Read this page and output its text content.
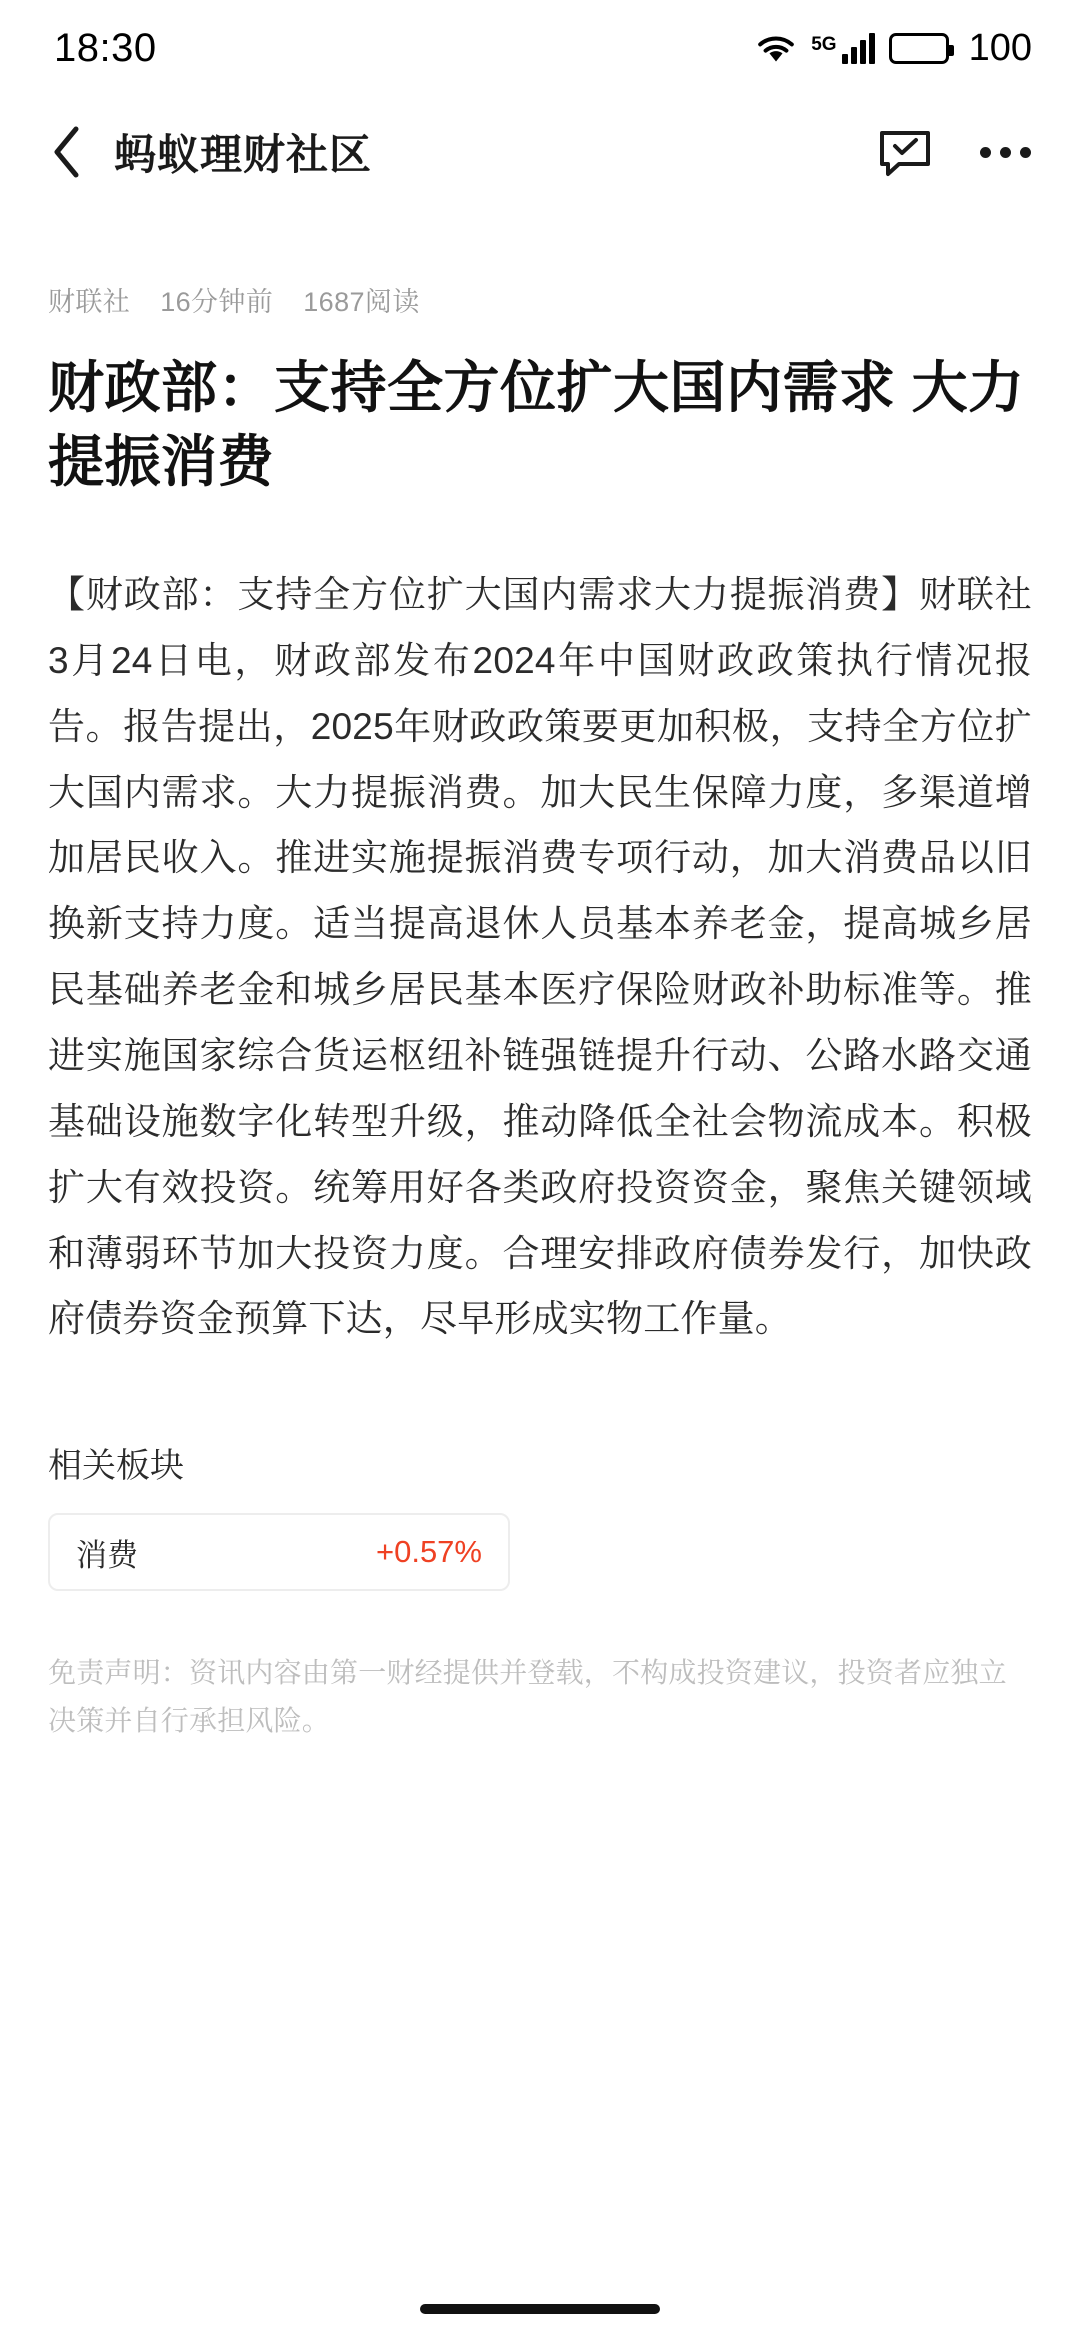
18:30	5G	100
蚂蚁理财社区
财联社 16分钟前 1687阅读
财政部：支持全方位扩大国内需求 大力提振消费
【财政部：支持全方位扩大国内需求大力提振消费】财联社3月24日电，财政部发布2024年中国财政政策执行情况报告。报告提出，2025年财政政策要更加积极，支持全方位扩大国内需求。大力提振消费。加大民生保障力度，多渠道增加居民收入。推进实施提振消费专项行动，加大消费品以旧换新支持力度。适当提高退休人员基本养老金，提高城乡居民基础养老金和城乡居民基本医疗保险财政补助标准等。推进实施国家综合货运枢纽补链强链提升行动、公路水路交通基础设施数字化转型升级，推动降低全社会物流成本。积极扩大有效投资。统筹用好各类政府投资资金，聚焦关键领域和薄弱环节加大投资力度。合理安排政府债券发行，加快政府债券资金预算下达，尽早形成实物工作量。
相关板块
消费	+0.57%
免责声明：资讯内容由第一财经提供并登载，不构成投资建议，投资者应独立决策并自行承担风险。
